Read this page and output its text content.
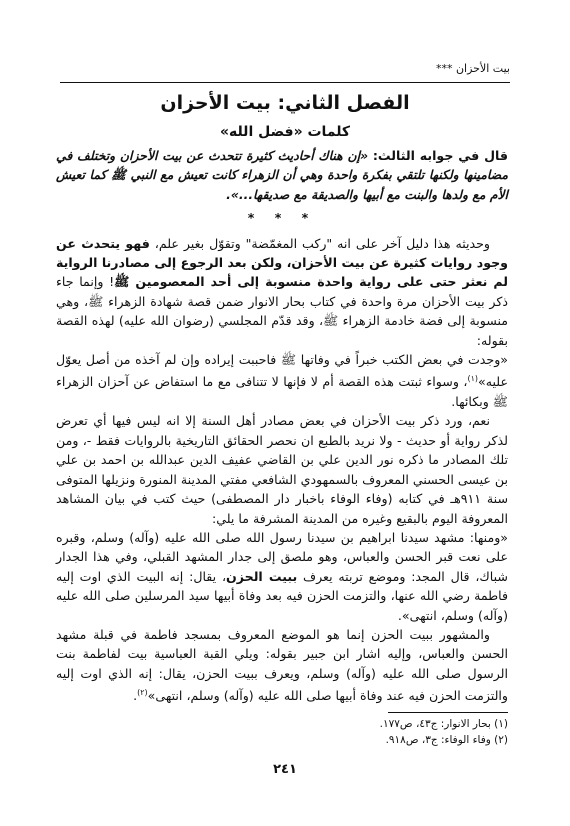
بيت الأحزان ***
الفصل الثاني: بيت الأحزان
كلمات «فضل الله»

قال في جوابه الثالث: «إن هناك أحاديث كثيرة تتحدث عن بيت الأحزان وتختلف في مضامينها ولكنها تلتقي بفكرة واحدة وهي أن الزهراء كانت تعيش مع النبي ﷺ كما تعيش الأم مع ولدها والبنت مع أبيها والصديقة مع صديقها...».

* * *

وحديثه هذا دليل آخر على انه "ركب المغمّضة" وتقوّل بغير علم، فهو يتحدث عن وجود روايات كثيرة عن بيت الأحزان، ولكن بعد الرجوع إلى مصادرنا الرواية لم نعثر حتى على رواية واحدة منسوبة إلى أحد المعصومين ﷺ! وإنما جاء ذكر بيت الأحزان مرة واحدة في كتاب بحار الانوار ضمن قصة شهادة الزهراء ﷺ، وهي منسوبة إلى فضة خادمة الزهراء ﷺ، وقد قدّم المجلسي (رضوان الله عليه) لهذه القصة بقوله:

«وجدت في بعض الكتب خبراً في وفاتها ﷺ فاحببت إيراده وإن لم آخذه من أصل يعوّل عليه»$^{(١)}$، وسواء ثبتت هذه القصة أم لا فإنها لا تتنافى مع ما استفاض عن آحزان الزهراء ﷺ وبكائها.

نعم، ورد ذكر بيت الأحزان في بعض مصادر أهل السنة إلا انه ليس فيها أي تعرض لذكر رواية أو حديث - ولا نريد بالطبع ان نحصر الحقائق التاريخية بالروايات فقط -، ومن تلك المصادر ما ذكره نور الدين علي بن القاضي عفيف الدين عبدالله بن احمد بن علي بن عيسى الحسني المعروف بالسمهودي الشافعي مفتي المدينة المنورة ونزيلها المتوفى سنة ٩١١هـ في كتابه (وفاء الوفاء باخبار دار المصطفى) حيث كتب في بيان المشاهد المعروفة اليوم بالبقيع وغيره من المدينة المشرفة ما يلي:

«ومنها: مشهد سيدنا ابراهيم بن سيدنا رسول الله صلى الله عليه (وآله) وسلم، وقبره على نعت قبر الحسن والعباس، وهو ملصق إلى جدار المشهد القبلي، وفي هذا الجدار شباك، قال المجد: وموضع تربته يعرف ببيت الحزن، يقال: إنه البيت الذي اوت إليه فاطمة رضي الله عنها، والتزمت الحزن فيه بعد وفاة أبيها سيد المرسلين صلى الله عليه (وآله) وسلم، انتهى».

والمشهور ببيت الحزن إنما هو الموضع المعروف بمسجد فاطمة في قبلة مشهد الحسن والعباس، وإليه اشار ابن جبير بقوله: ويلي القبة العباسية بيت لفاطمة بنت الرسول صلى الله عليه (وآله) وسلم، ويعرف ببيت الحزن، يقال: إنه الذي اوت إليه والتزمت الحزن فيه عند وفاة أبيها صلى الله عليه (وآله) وسلم، انتهى»$^{(٢)}$.

(١) بحار الانوار: ج٤٣، ص١٧٧.
(٢) وفاء الوفاء: ج٣، ص٩١٨.
٢٤١
